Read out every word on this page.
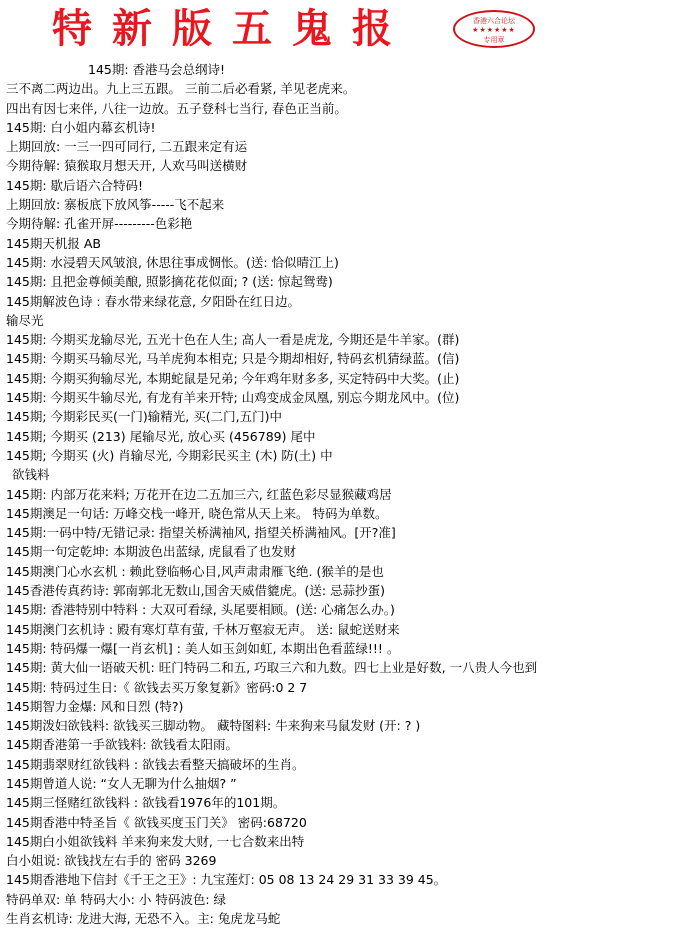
特新版五鬼报	香港六合论坛
★★★★★★
专用章
145期: 香港马会总纲诗!
三不离二两边出。九上三五跟。 三前二后必看紧, 羊见老虎来。
四出有因七来伴, 八往一边放。五子登科七当行, 春色正当前。
145期: 白小姐内幕玄机诗!
上期回放: 一三一四可同行, 二五跟来定有运
今期待解: 猿猴取月想天开, 人欢马叫送横财
145期: 歇后语六合特码!
上期回放: 寨板底下放风筝-----飞不起来
今期待解: 孔雀开屏---------色彩艳
145期天机报 AB
145期: 水浸碧天风皱浪, 休思往事成惆怅。(送: 恰似晴江上)
145期: 且把金尊倾美酿, 照影摘花花似面; ? (送: 惊起鸳鸯)
145期解波色诗 : 春水带来绿花意, 夕阳卧在红日边。
输尽光
145期: 今期买龙输尽光, 五光十色在人生; 高人一看是虎龙, 今期还是牛羊家。(群)
145期: 今期买马输尽光, 马羊虎狗本相克; 只是今期却相好, 特码玄机猜绿蓝。(信)
145期: 今期买狗输尽光, 本期蛇鼠是兄弟; 今年鸡年财多多, 买定特码中大奖。(止)
145期: 今期买牛输尽光, 有龙有羊来开特; 山鸡变成金凤凰, 别忘今期龙风中。(位)
145期; 今期彩民买(一门)输精光, 买(二门,五门)中
145期; 今期买 (213) 尾输尽光, 放心买 (456789) 尾中
145期; 今期买 (火) 肖输尽光, 今期彩民买主 (木) 防(土) 中
欲钱料
145期: 内部万花来料; 万花开在边二五加三六, 红蓝色彩尽显猴藏鸡居
145期澳足一句话: 万峰交栈一峰开, 晓色常从天上来。 特码为单数。
145期:一码中特/无错记录: 指望关桥满袖风, 指望关桥满袖风。[开?准]
145期一句定乾坤: 本期波色出蓝绿, 虎鼠看了也发财
145期澳门心水玄机 : 赖此登临畅心目,风声肃肃雁飞绝. (猴羊的是也
145香港传真药诗: 郭南郭北无数山,国舍天威借貔虎。(送: 忌蒜抄蛋)
145期: 香港特别中特料 : 大双可看绿, 头尾要相顾。(送: 心痛怎么办。)
145期澳门玄机诗 : 殿有寒灯草有萤, 千林万壑寂无声。 送: 鼠蛇送财来
145期: 特码爆一爆[一肖玄机] : 美人如玉剑如虹, 本期出色看蓝绿!!! 。
145期: 黄大仙一语破天机: 旺门特码二和五, 巧取三六和九数。四七上业是好数, 一八贵人今也到
145期: 特码过生日:《 欲钱去买万象复新》密码:0 2 7
145期智力金爆: 风和日烈 (特?)
145期泼妇欲钱料: 欲钱买三脚动物。 藏特图料: 牛来狗来马鼠发财 (开: ? )
145期香港第一手欲钱料: 欲钱看太阳雨。
145期翡翠财红欲钱料 : 欲钱去看整天搞破坏的生肖。
145期曾道人说: “女人无聊为什么抽烟? ”
145期三怪赌红欲钱料 : 欲钱看1976年的101期。
145期香港中特圣旨《 欲钱买度玉门关》 密码:68720
145期白小姐欲钱料 羊来狗来发大财, 一七合数来出特
白小姐说: 欲钱找左右手的 密码 3269
145期香港地下信封《千王之王》: 九宝莲灯: 05 08 13 24 29 31 33 39 45。
特码单双: 单 特码大小: 小 特码波色: 绿
生肖玄机诗: 龙进大海, 无恐不入。主: 兔虎龙马蛇
